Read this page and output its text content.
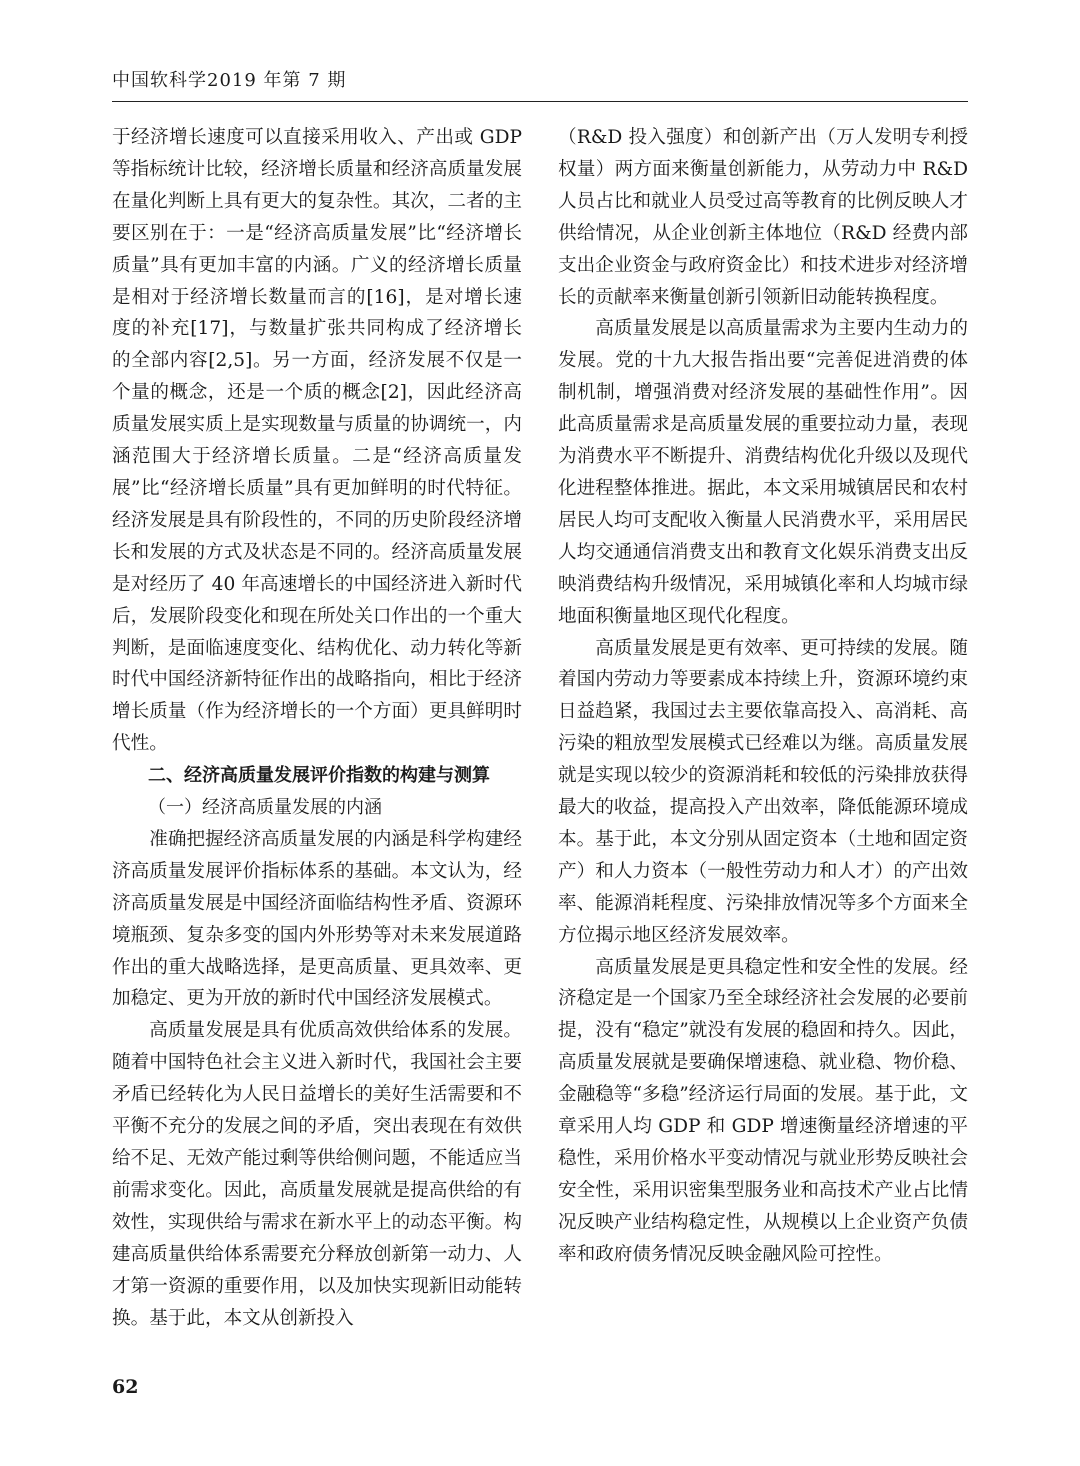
中国软科学2019 年第 7 期

于经济增长速度可以直接采用收入、产出或 GDP 等指标统计比较，经济增长质量和经济高质量发展在量化判断上具有更大的复杂性。其次，二者的主要区别在于：一是“经济高质量发展”比“经济增长质量”具有更加丰富的内涵。广义的经济增长质量是相对于经济增长数量而言的[16]，是对增长速度的补充[17]，与数量扩张共同构成了经济增长的全部内容[2,5]。另一方面，经济发展不仅是一个量的概念，还是一个质的概念[2]，因此经济高质量发展实质上是实现数量与质量的协调统一，内涵范围大于经济增长质量。二是“经济高质量发展”比“经济增长质量”具有更加鲜明的时代特征。经济发展是具有阶段性的，不同的历史阶段经济增长和发展的方式及状态是不同的。经济高质量发展是对经历了 40 年高速增长的中国经济进入新时代后，发展阶段变化和现在所处关口作出的一个重大判断，是面临速度变化、结构优化、动力转化等新时代中国经济新特征作出的战略指向，相比于经济增长质量（作为经济增长的一个方面）更具鲜明时代性。

二、经济高质量发展评价指数的构建与测算
（一）经济高质量发展的内涵

准确把握经济高质量发展的内涵是科学构建经济高质量发展评价指标体系的基础。本文认为，经济高质量发展是中国经济面临结构性矛盾、资源环境瓶颈、复杂多变的国内外形势等对未来发展道路作出的重大战略选择，是更高质量、更具效率、更加稳定、更为开放的新时代中国经济发展模式。

高质量发展是具有优质高效供给体系的发展。随着中国特色社会主义进入新时代，我国社会主要矛盾已经转化为人民日益增长的美好生活需要和不平衡不充分的发展之间的矛盾，突出表现在有效供给不足、无效产能过剩等供给侧问题，不能适应当前需求变化。因此，高质量发展就是提高供给的有效性，实现供给与需求在新水平上的动态平衡。构建高质量供给体系需要充分释放创新第一动力、人才第一资源的重要作用，以及加快实现新旧动能转换。基于此，本文从创新投入

（R&D 投入强度）和创新产出（万人发明专利授权量）两方面来衡量创新能力，从劳动力中 R&D 人员占比和就业人员受过高等教育的比例反映人才供给情况，从企业创新主体地位（R&D 经费内部支出企业资金与政府资金比）和技术进步对经济增长的贡献率来衡量创新引领新旧动能转换程度。

高质量发展是以高质量需求为主要内生动力的发展。党的十九大报告指出要“完善促进消费的体制机制，增强消费对经济发展的基础性作用”。因此高质量需求是高质量发展的重要拉动力量，表现为消费水平不断提升、消费结构优化升级以及现代化进程整体推进。据此，本文采用城镇居民和农村居民人均可支配收入衡量人民消费水平，采用居民人均交通通信消费支出和教育文化娱乐消费支出反映消费结构升级情况，采用城镇化率和人均城市绿地面积衡量地区现代化程度。

高质量发展是更有效率、更可持续的发展。随着国内劳动力等要素成本持续上升，资源环境约束日益趋紧，我国过去主要依靠高投入、高消耗、高污染的粗放型发展模式已经难以为继。高质量发展就是实现以较少的资源消耗和较低的污染排放获得最大的收益，提高投入产出效率，降低能源环境成本。基于此，本文分别从固定资本（土地和固定资产）和人力资本（一般性劳动力和人才）的产出效率、能源消耗程度、污染排放情况等多个方面来全方位揭示地区经济发展效率。

高质量发展是更具稳定性和安全性的发展。经济稳定是一个国家乃至全球经济社会发展的必要前提，没有“稳定”就没有发展的稳固和持久。因此，高质量发展就是要确保增速稳、就业稳、物价稳、金融稳等“多稳”经济运行局面的发展。基于此，文章采用人均 GDP 和 GDP 增速衡量经济增速的平稳性，采用价格水平变动情况与就业形势反映社会安全性，采用识密集型服务业和高技术产业占比情况反映产业结构稳定性，从规模以上企业资产负债率和政府债务情况反映金融风险可控性。

62
